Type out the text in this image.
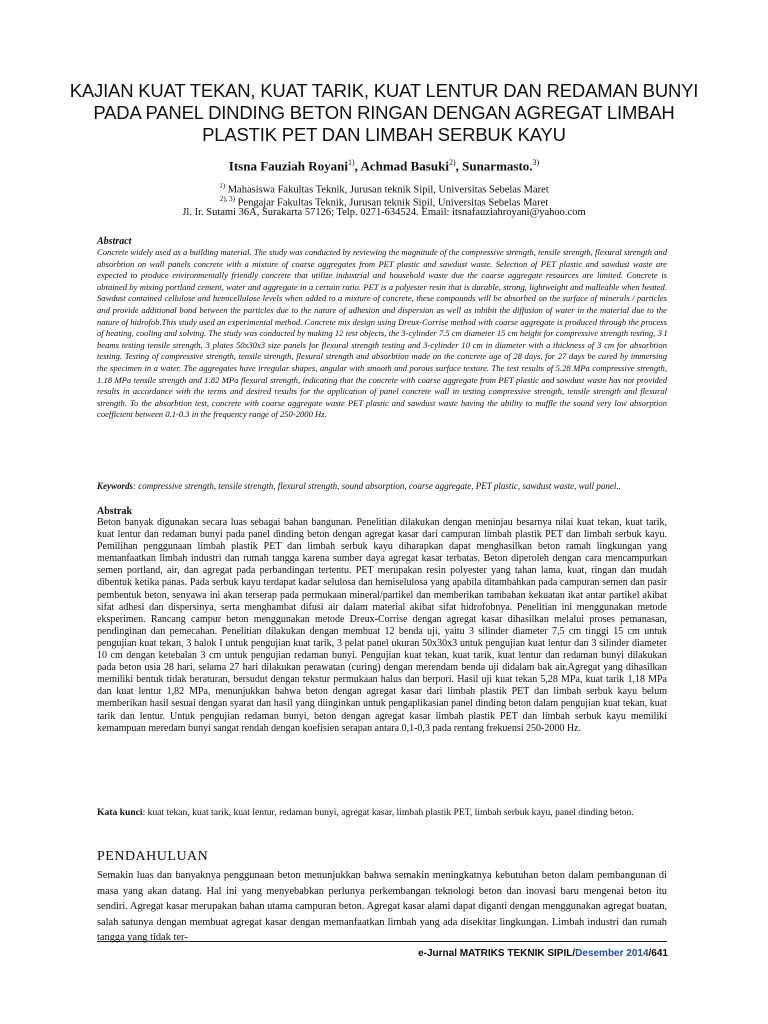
KAJIAN KUAT TEKAN, KUAT TARIK, KUAT LENTUR DAN REDAMAN BUNYI
PADA PANEL DINDING BETON RINGAN DENGAN AGREGAT LIMBAH
PLASTIK PET DAN LIMBAH SERBUK KAYU
Itsna Fauziah Royani$^{1)}$, Achmad Basuki$^{2)}$, Sunarmasto.$^{3)}$
$^{1)}$ Mahasiswa Fakultas Teknik, Jurusan teknik Sipil, Universitas Sebelas Maret
$^{2), 3)}$ Pengajar Fakultas Teknik, Jurusan teknik Sipil, Universitas Sebelas Maret
Jl. Ir. Sutami 36A, Surakarta 57126; Telp. 0271-634524. Email: itsnafauziahroyani@yahoo.com
Abstract

Concrete widely used as a building material. The study was conducted by reviewing the magnitude of the compressive strength, tensile strength, flexural strength and absorbtion on wall panels concrete with a mixture of coarse aggregates from PET plastic and sawdust waste. Selection of PET plastic and sawdust waste are expected to produce environmentally friendly concrete that utilize industrial and household waste due the coarse aggregate resources are limited. Concrete is obtained by mixing portland cement, water and aggregate in a certain ratio. PET is a polyester resin that is durable, strong, lightweight and malleable when heated. Sawdust contained cellulose and hemicellulose levels when added to a mixture of concrete, these compounds will be absorbed on the surface of minerals / particles and provide additional bond between the particles due to the nature of adhesion and dispersion as well as inhibit the diffusion of water in the material due to the nature of hidrofob.This study used an experimental method. Concrete mix design using Dreux-Corrise method with coarse aggregate is produced through the process of heating, cooling and solving. The study was conducted by making 12 test objects, the 3-cylinder 7.5 cm diameter 15 cm height for compressive strength testing, 3 I beams testing tensile strength, 3 plates 50x30x3 size panels for flexural strength testing and 3-cylinder 10 cm in diameter with a thickness of 3 cm for absorbtion testing. Testing of compressive strength, tensile strength, flexural strength and absorbtion made on the concrete age of 28 days, for 27 days be cured by immersing the specimen in a water. The aggregates have irregular shapes, angular with smooth and porous surface texture. The test results of 5.28 MPa compressive strength, 1.18 MPa tensile strength and 1.82 MPa flexural strength, indicating that the concrete with coarse aggregate from PET plastic and sawdust waste has not provided results in accordance with the terms and desired results for the application of panel concrete wall in testing compressive strength, tensile strength and flexural strength. To the absorbtion test, concrete with coarse aggregate waste PET plastic and sawdust waste having the ability to muffle the sound very low absorption coefficient between 0.1-0.3 in the frequency range of 250-2000 Hz.

Keywords: compressive strength, tensile strength, flexural strength, sound absorption, coarse aggregate, PET plastic, sawdust waste, wall panel..
Abstrak

Beton banyak digunakan secara luas sebagai bahan bangunan. Penelitian dilakukan dengan meninjau besarnya nilai kuat tekan, kuat tarik, kuat lentur dan redaman bunyi pada panel dinding beton dengan agregat kasar dari campuran limbah plastik PET dan limbah serbuk kayu. Pemilihan penggunaan limbah plastik PET dan limbah serbuk kayu diharapkan dapat menghasilkan beton ramah lingkungan yang memanfaatkan limbah industri dan rumah tangga karena sumber daya agregat kasar terbatas. Beton diperoleh dengan cara mencampurkan semen portland, air, dan agregat pada perbandingan tertentu. PET merupakan resin polyester yang tahan lama, kuat, ringan dan mudah dibentuk ketika panas. Pada serbuk kayu terdapat kadar selulosa dan hemiselulosa yang apabila ditambahkan pada campuran semen dan pasir pembentuk beton, senyawa ini akan terserap pada permukaan mineral/partikel dan memberikan tambahan kekuatan ikat antar partikel akibat sifat adhesi dan dispersinya, serta menghambat difusi air dalam material akibat sifat hidrofobnya. Penelitian ini menggunakan metode eksperimen. Rancang campur beton menggunakan metode Dreux-Corrise dengan agregat kasar dihasilkan melalui proses pemanasan, pendinginan dan pemecahan. Penelitian dilakukan dengan membuat 12 benda uji, yaitu 3 silinder diameter 7,5 cm tinggi 15 cm untuk pengujian kuat tekan, 3 balok I untuk pengujian kuat tarik, 3 pelat panel ukuran 50x30x3 untuk pengujian kuat lentur dan 3 silinder diameter 10 cm dengan ketebalan 3 cm untuk pengujian redaman bunyi. Pengujian kuat tekan, kuat tarik, kuat lentur dan redaman bunyi dilakukan pada beton usia 28 hari, selama 27 hari dilakukan perawatan (curing) dengan merendam benda uji didalam bak air.Agregat yang dihasilkan memiliki bentuk tidak beraturan, bersudut dengan tekstur permukaan halus dan berpori. Hasil uji kuat tekan 5,28 MPa, kuat tarik 1,18 MPa dan kuat lentur 1,82 MPa, menunjukkan bahwa beton dengan agregat kasar dari limbah plastik PET dan limbah serbuk kayu belum memberikan hasil sesuai dengan syarat dan hasil yang diinginkan untuk pengaplikasian panel dinding beton dalam pengujian kuat tekan, kuat tarik dan lentur. Untuk pengujian redaman bunyi, beton dengan agregat kasar limbah plastik PET dan limbah serbuk kayu memiliki kemampuan meredam bunyi sangat rendah dengan koefisien serapan antara 0,1-0,3 pada rentang frekuensi 250-2000 Hz.

Kata kunci: kuat tekan, kuat tarik, kuat lentur, redaman bunyi, agregat kasar, limbah plastik PET, limbah serbuk kayu, panel dinding beton.
PENDAHULUAN

Semakin luas dan banyaknya penggunaan beton menunjukkan bahwa semakin meningkatnya kebutuhan beton dalam pembangunan di masa yang akan datang. Hal ini yang menyebabkan perlunya perkembangan teknologi beton dan inovasi baru mengenai beton itu sendiri. Agregat kasar merupakan bahan utama campuran beton. Agregat kasar alami dapat diganti dengan menggunakan agregat buatan, salah satunya dengan membuat agregat kasar dengan memanfaatkan limbah yang ada disekitar lingkungan. Limbah industri dan rumah tangga yang tidak ter-

e-Jurnal MATRIKS TEKNIK SIPIL/Desember 2014/641
